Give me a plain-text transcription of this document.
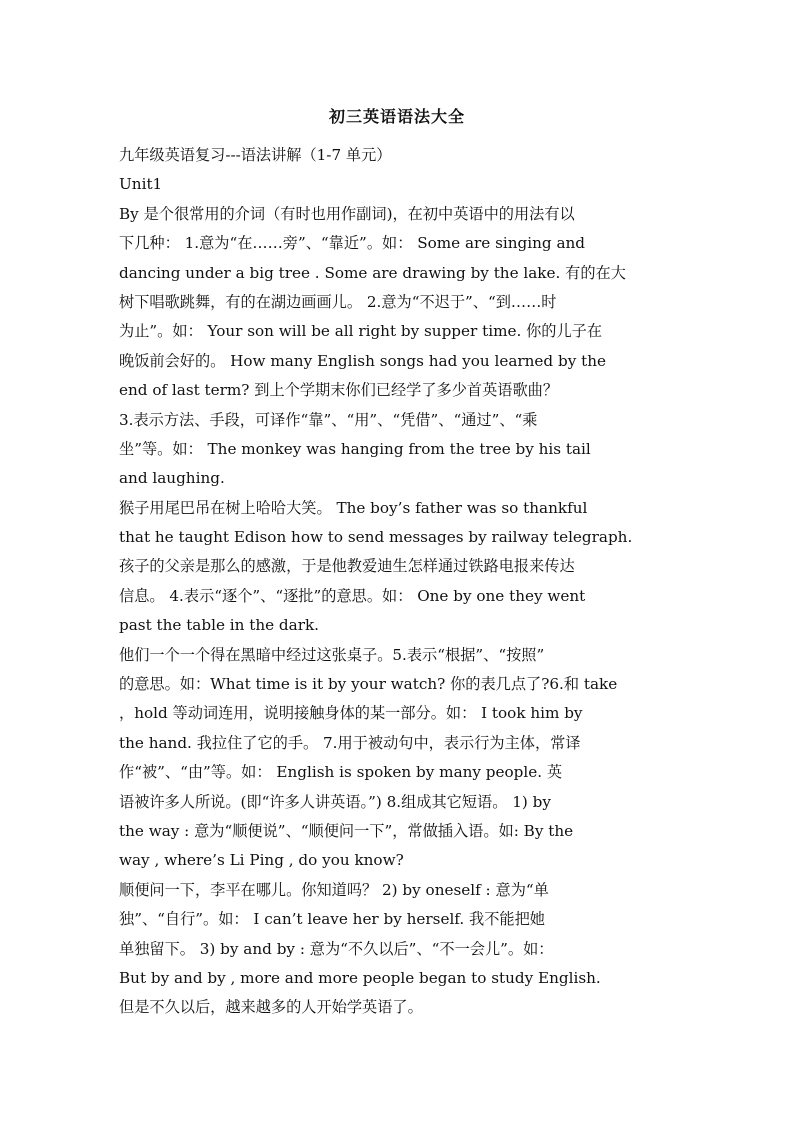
初三英语语法大全
九年级英语复习---语法讲解（1-7 单元）
Unit1
By 是个很常用的介词（有时也用作副词)，在初中英语中的用法有以
下几种： 1.意为“在……旁”、“靠近”。如： Some are singing and
dancing under a big tree . Some are drawing by the lake. 有的在大
树下唱歌跳舞，有的在湖边画画儿。 2.意为“不迟于”、“到……时
为止”。如： Your son will be all right by supper time. 你的儿子在
晚饭前会好的。 How many English songs had you learned by the
end of last term? 到上个学期末你们已经学了多少首英语歌曲？
3.表示方法、手段，可译作“靠”、“用”、“凭借”、“通过”、“乘
坐”等。如： The monkey was hanging from the tree by his tail
and laughing.
猴子用尾巴吊在树上哈哈大笑。 The boy’s father was so thankful
that he taught Edison how to send messages by railway telegraph.
孩子的父亲是那么的感激，于是他教爱迪生怎样通过铁路电报来传达
信息。 4.表示“逐个”、“逐批”的意思。如： One by one they went
past the table in the dark.
他们一个一个得在黑暗中经过这张桌子。5.表示“根据”、“按照”
的意思。如：What time is it by your watch? 你的表几点了?6.和 take
，hold 等动词连用，说明接触身体的某一部分。如： I took him by
the hand. 我拉住了它的手。 7.用于被动句中，表示行为主体，常译
作“被”、“由”等。如： English is spoken by many people. 英
语被许多人所说。(即“许多人讲英语。”) 8.组成其它短语。 1) by
the way : 意为“顺便说”、“顺便问一下”，常做插入语。如: By the
way , where’s Li Ping , do you know?
顺便问一下，李平在哪儿。你知道吗？ 2) by oneself : 意为“单
独”、“自行”。如： I can’t leave her by herself. 我不能把她
单独留下。 3) by and by : 意为“不久以后”、“不一会儿”。如：
But by and by , more and more people began to study English.
但是不久以后，越来越多的人开始学英语了。
